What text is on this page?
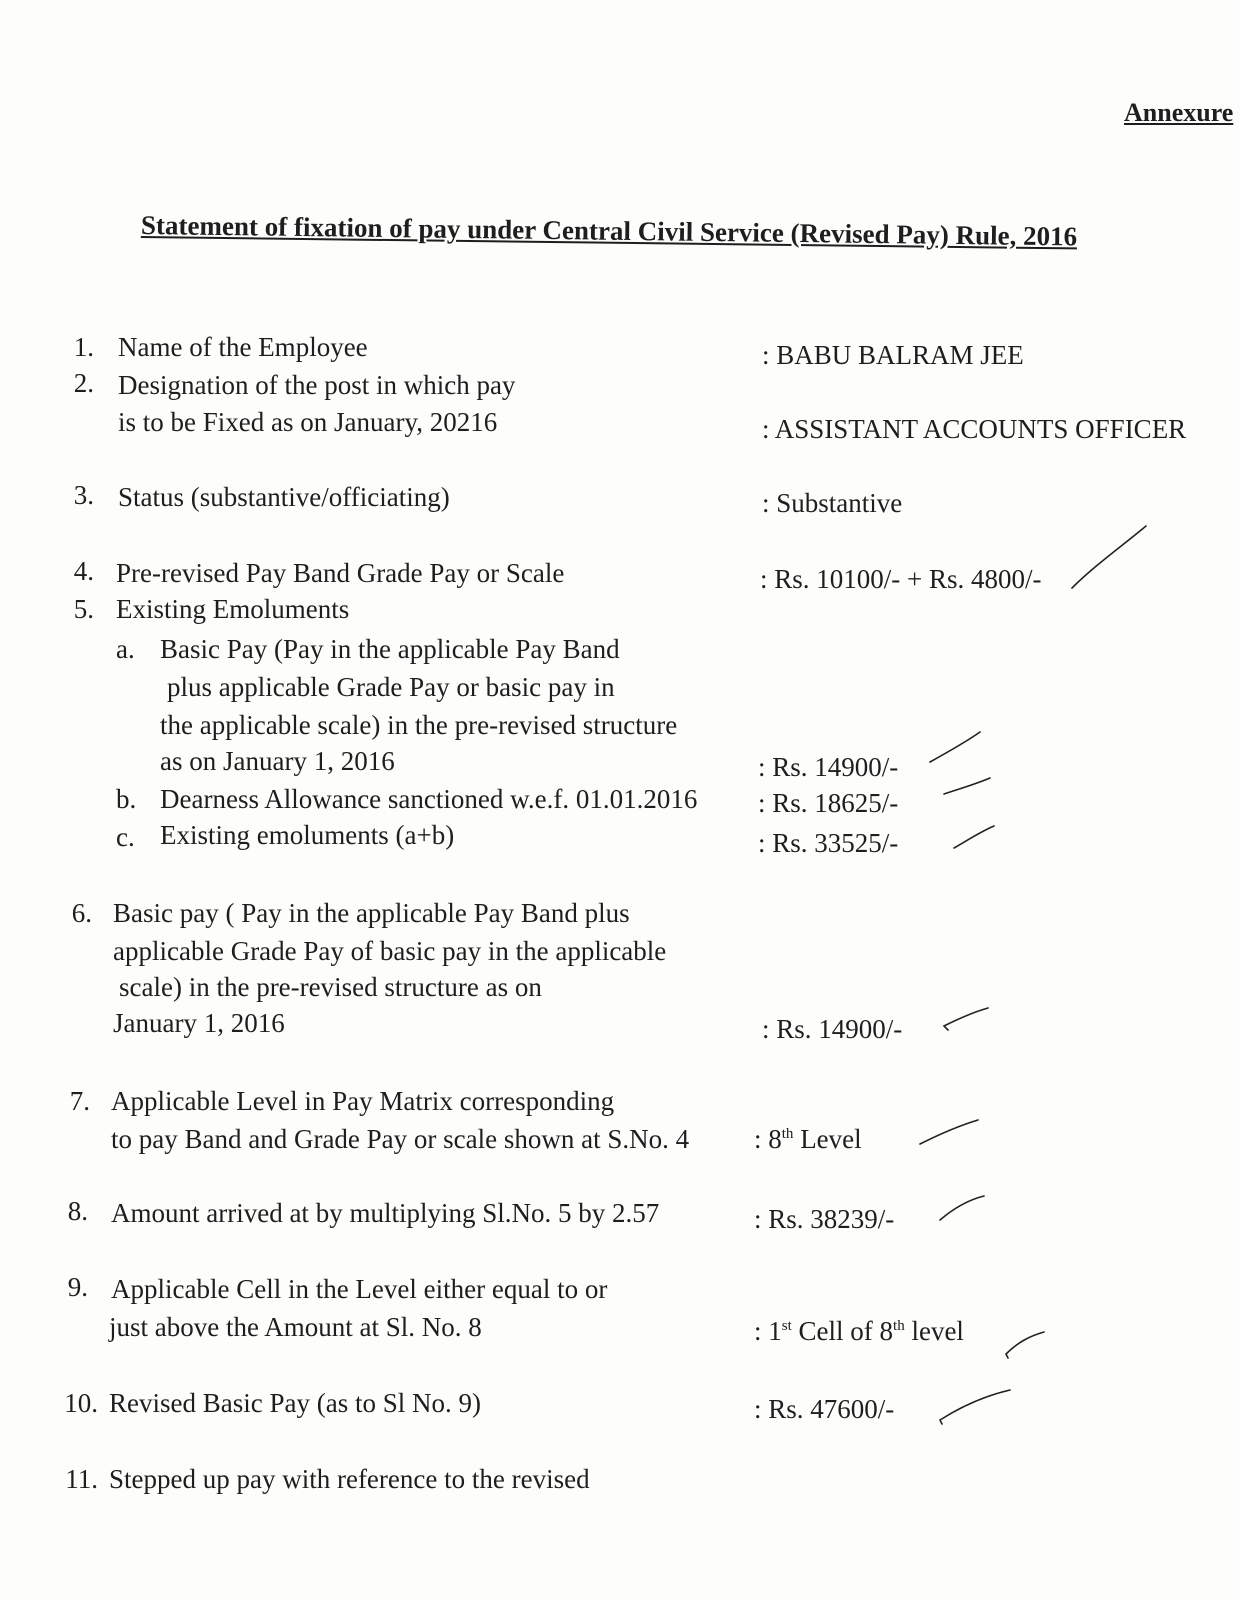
Annexure
Statement of fixation of pay under Central Civil Service (Revised Pay) Rule, 2016
1. Name of the Employee	: BABU BALRAM JEE
2. Designation of the post in which pay
is to be Fixed as on January, 20216	: ASSISTANT ACCOUNTS OFFICER
3. Status (substantive/officiating)	: Substantive
4. Pre-revised Pay Band Grade Pay or Scale	: Rs. 10100/- + Rs. 4800/-
5. Existing Emoluments
a. Basic Pay (Pay in the applicable Pay Band
plus applicable Grade Pay or basic pay in
the applicable scale) in the pre-revised structure
as on January 1, 2016	: Rs. 14900/-
b. Dearness Allowance sanctioned w.e.f. 01.01.2016 : Rs. 18625/-
c. Existing emoluments (a+b)	: Rs. 33525/-
6. Basic pay ( Pay in the applicable Pay Band plus
applicable Grade Pay of basic pay in the applicable
scale) in the pre-revised structure as on
January 1, 2016	: Rs. 14900/-
7. Applicable Level in Pay Matrix corresponding
to pay Band and Grade Pay or scale shown at S.No. 4 : 8th Level
8. Amount arrived at by multiplying Sl.No. 5 by 2.57	: Rs. 38239/-
9. Applicable Cell in the Level either equal to or
just above the Amount at Sl. No. 8	: 1st Cell of 8th level
10. Revised Basic Pay (as to Sl No. 9)	: Rs. 47600/-
11. Stepped up pay with reference to the revised
